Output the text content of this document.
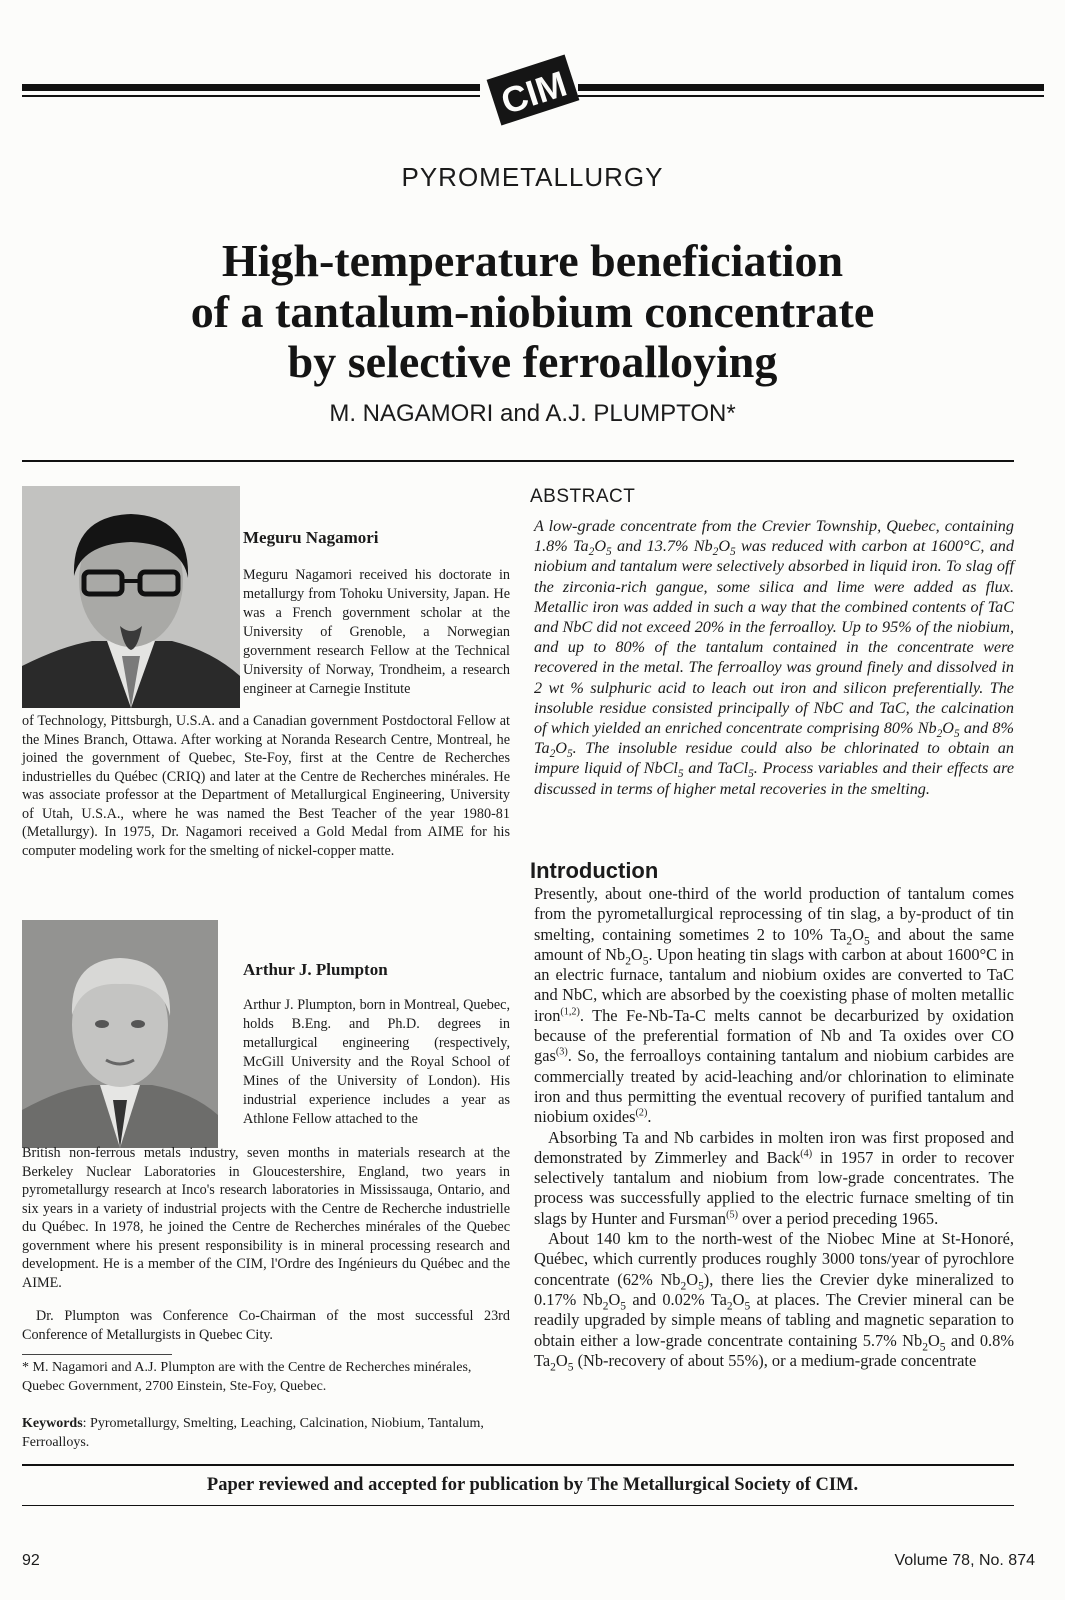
CIM
PYROMETALLURGY
High-temperature beneficiation
of a tantalum-niobium concentrate
by selective ferroalloying
M. NAGAMORI and A.J. PLUMPTON*
Meguru Nagamori

Meguru Nagamori received his doctorate in metallurgy from Tohoku University, Japan. He was a French government scholar at the University of Grenoble, a Norwegian government research Fellow at the Technical University of Norway, Trondheim, a research engineer at Carnegie Institute

of Technology, Pittsburgh, U.S.A. and a Canadian government Postdoctoral Fellow at the Mines Branch, Ottawa. After working at Noranda Research Centre, Montreal, he joined the government of Quebec, Ste-Foy, first at the Centre de Recherches industrielles du Québec (CRIQ) and later at the Centre de Recherches minérales. He was associate professor at the Department of Metallurgical Engineering, University of Utah, U.S.A., where he was named the Best Teacher of the year 1980-81 (Metallurgy). In 1975, Dr. Nagamori received a Gold Medal from AIME for his computer modeling work for the smelting of nickel-copper matte.

Arthur J. Plumpton

Arthur J. Plumpton, born in Montreal, Quebec, holds B.Eng. and Ph.D. degrees in metallurgical engineering (respectively, McGill University and the Royal School of Mines of the University of London). His industrial experience includes a year as Athlone Fellow attached to the

British non-ferrous metals industry, seven months in materials research at the Berkeley Nuclear Laboratories in Gloucestershire, England, two years in pyrometallurgy research at Inco's research laboratories in Mississauga, Ontario, and six years in a variety of industrial projects with the Centre de Recherche industrielle du Québec. In 1978, he joined the Centre de Recherches minérales of the Quebec government where his present responsibility is in mineral processing research and development. He is a member of the CIM, l'Ordre des Ingénieurs du Québec and the AIME.

Dr. Plumpton was Conference Co-Chairman of the most successful 23rd Conference of Metallurgists in Quebec City.

* M. Nagamori and A.J. Plumpton are with the Centre de Recherches minérales, Quebec Government, 2700 Einstein, Ste-Foy, Quebec.
Keywords: Pyrometallurgy, Smelting, Leaching, Calcination, Niobium, Tantalum, Ferroalloys.
ABSTRACT

A low-grade concentrate from the Crevier Township, Quebec, containing 1.8% $Ta_2O_5$ and 13.7% $Nb_2O_5$ was reduced with carbon at 1600°C, and niobium and tantalum were selectively absorbed in liquid iron. To slag off the zirconia-rich gangue, some silica and lime were added as flux. Metallic iron was added in such a way that the combined contents of TaC and NbC did not exceed 20% in the ferroalloy. Up to 95% of the niobium, and up to 80% of the tantalum contained in the concentrate were recovered in the metal. The ferroalloy was ground finely and dissolved in 2 wt % sulphuric acid to leach out iron and silicon preferentially. The insoluble residue consisted principally of NbC and TaC, the calcination of which yielded an enriched concentrate comprising 80% $Nb_2O_5$ and 8% $Ta_2O_5$. The insoluble residue could also be chlorinated to obtain an impure liquid of NbCl$_5$ and TaCl$_5$. Process variables and their effects are discussed in terms of higher metal recoveries in the smelting.

Introduction

Presently, about one-third of the world production of tantalum comes from the pyrometallurgical reprocessing of tin slag, a by-product of tin smelting, containing sometimes 2 to 10% $Ta_2O_5$ and about the same amount of $Nb_2O_5$. Upon heating tin slags with carbon at about 1600°C in an electric furnace, tantalum and niobium oxides are converted to TaC and NbC, which are absorbed by the coexisting phase of molten metallic iron$^{(1,2)}$. The Fe-Nb-Ta-C melts cannot be decarburized by oxidation because of the preferential formation of Nb and Ta oxides over CO gas$^{(3)}$. So, the ferroalloys containing tantalum and niobium carbides are commercially treated by acid-leaching and/or chlorination to eliminate iron and thus permitting the eventual recovery of purified tantalum and niobium oxides$^{(2)}$.

Absorbing Ta and Nb carbides in molten iron was first proposed and demonstrated by Zimmerley and Back$^{(4)}$ in 1957 in order to recover selectively tantalum and niobium from low-grade concentrates. The process was successfully applied to the electric furnace smelting of tin slags by Hunter and Fursman$^{(5)}$ over a period preceding 1965.

About 140 km to the north-west of the Niobec Mine at St-Honoré, Québec, which currently produces roughly 3000 tons/year of pyrochlore concentrate (62% $Nb_2O_5$), there lies the Crevier dyke mineralized to 0.17% $Nb_2O_5$ and 0.02% $Ta_2O_5$ at places. The Crevier mineral can be readily upgraded by simple means of tabling and magnetic separation to obtain either a low-grade concentrate containing 5.7% $Nb_2O_5$ and 0.8% $Ta_2O_5$ (Nb-recovery of about 55%), or a medium-grade concentrate

Paper reviewed and accepted for publication by The Metallurgical Society of CIM.
92	Volume 78, No. 874
